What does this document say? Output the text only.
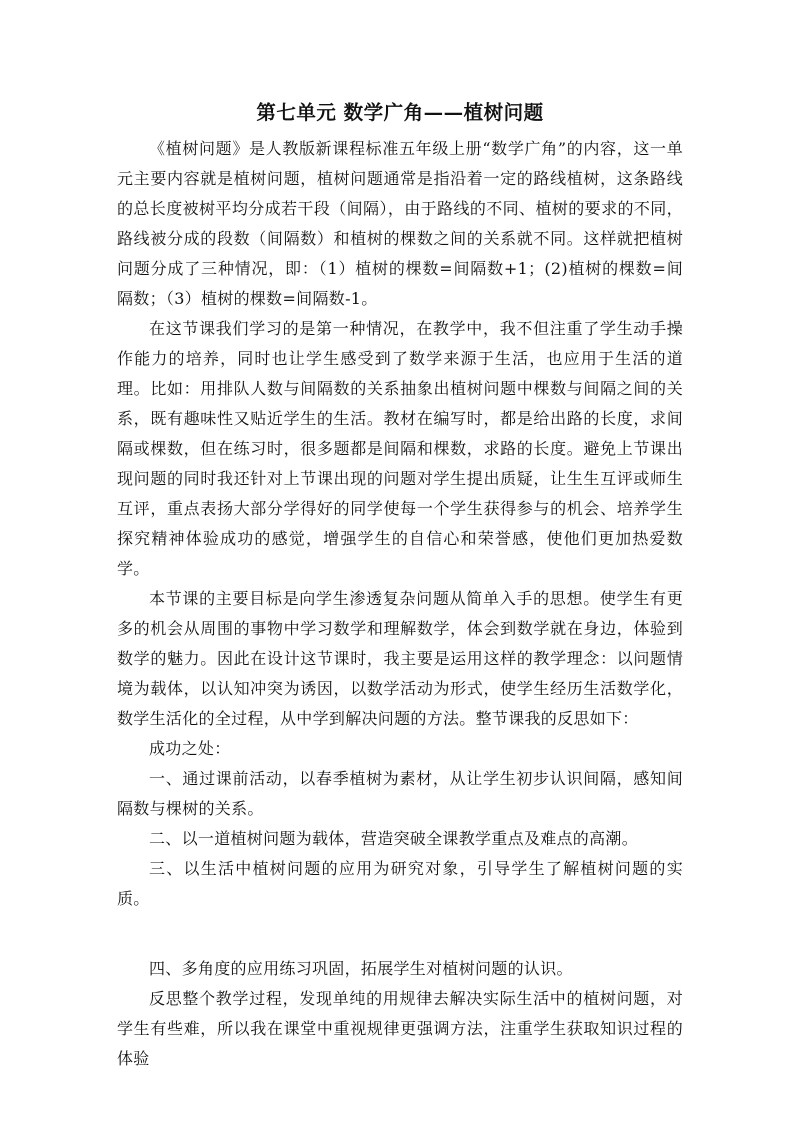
第七单元 数学广角——植树问题

《植树问题》是人教版新课程标准五年级上册“数学广角”的内容，这一单元主要内容就是植树问题，植树问题通常是指沿着一定的路线植树，这条路线的总长度被树平均分成若干段（间隔），由于路线的不同、植树的要求的不同，路线被分成的段数（间隔数）和植树的棵数之间的关系就不同。这样就把植树问题分成了三种情况，即：（1）植树的棵数=间隔数+1；(2)植树的棵数=间隔数；（3）植树的棵数=间隔数-1。

在这节课我们学习的是第一种情况，在教学中，我不但注重了学生动手操作能力的培养，同时也让学生感受到了数学来源于生活，也应用于生活的道理。比如：用排队人数与间隔数的关系抽象出植树问题中棵数与间隔之间的关系，既有趣味性又贴近学生的生活。教材在编写时，都是给出路的长度，求间隔或棵数，但在练习时，很多题都是间隔和棵数，求路的长度。避免上节课出现问题的同时我还针对上节课出现的问题对学生提出质疑，让生生互评或师生互评，重点表扬大部分学得好的同学使每一个学生获得参与的机会、培养学生探究精神体验成功的感觉，增强学生的自信心和荣誉感，使他们更加热爱数学。

本节课的主要目标是向学生渗透复杂问题从简单入手的思想。使学生有更多的机会从周围的事物中学习数学和理解数学，体会到数学就在身边，体验到数学的魅力。因此在设计这节课时，我主要是运用这样的教学理念：以问题情境为载体，以认知冲突为诱因，以数学活动为形式，使学生经历生活数学化，数学生活化的全过程，从中学到解决问题的方法。整节课我的反思如下：

成功之处：

一、通过课前活动，以春季植树为素材，从让学生初步认识间隔，感知间隔数与棵树的关系。

二、以一道植树问题为载体，营造突破全课教学重点及难点的高潮。

三、以生活中植树问题的应用为研究对象，引导学生了解植树问题的实质。

四、多角度的应用练习巩固，拓展学生对植树问题的认识。

反思整个教学过程，发现单纯的用规律去解决实际生活中的植树问题，对学生有些难，所以我在课堂中重视规律更强调方法，注重学生获取知识过程的体验
